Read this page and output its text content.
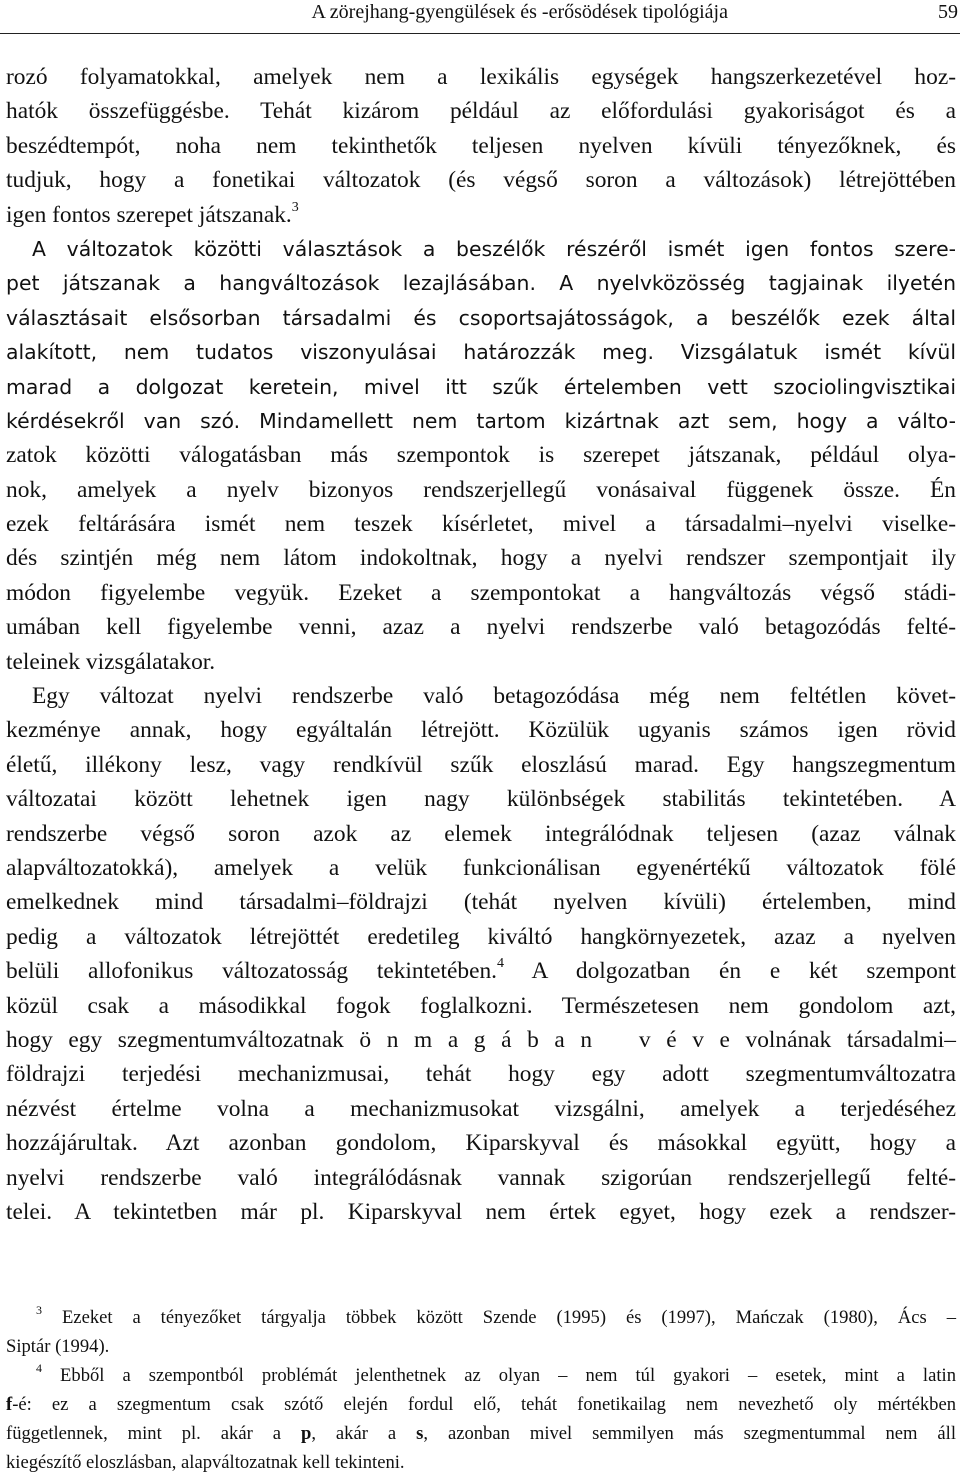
A zörejhang-gyengülések és -erősödések tipológiája	59
rozó folyamatokkal, amelyek nem a lexikális egységek hangszerkezetével hoz-
hatók összefüggésbe. Tehát kizárom például az előfordulási gyakoriságot és a
beszédtempót, noha nem tekinthetők teljesen nyelven kívüli tényezőknek, és
tudjuk, hogy a fonetikai változatok (és végső soron a változások) létrejöttében
igen fontos szerepet játszanak.$^3$
A változatok közötti választások a beszélők részéről ismét igen fontos szere-
pet játszanak a hangváltozások lezajlásában. A nyelvközösség tagjainak ilyetén
választásait elsősorban társadalmi és csoportsajátosságok, a beszélők ezek által
alakított, nem tudatos viszonyulásai határozzák meg. Vizsgálatuk ismét kívül
marad a dolgozat keretein, mivel itt szűk értelemben vett szociolingvisztikai
kérdésekről van szó. Mindamellett nem tartom kizártnak azt sem, hogy a válto-
zatok közötti válogatásban más szempontok is szerepet játszanak, például olya-
nok, amelyek a nyelv bizonyos rendszerjellegű vonásaival függenek össze. Én
ezek feltárására ismét nem teszek kísérletet, mivel a társadalmi–nyelvi viselke-
dés szintjén még nem látom indokoltnak, hogy a nyelvi rendszer szempontjait ily
módon figyelembe vegyük. Ezeket a szempontokat a hangváltozás végső stádi-
umában kell figyelembe venni, azaz a nyelvi rendszerbe való betagozódás felté-
teleinek vizsgálatakor.
Egy változat nyelvi rendszerbe való betagozódása még nem feltétlen követ-
kezménye annak, hogy egyáltalán létrejött. Közülük ugyanis számos igen rövid
életű, illékony lesz, vagy rendkívül szűk eloszlású marad. Egy hangszegmentum
változatai között lehetnek igen nagy különbségek stabilitás tekintetében. A
rendszerbe végső soron azok az elemek integrálódnak teljesen (azaz válnak
alapváltozatokká), amelyek a velük funkcionálisan egyenértékű változatok fölé
emelkednek mind társadalmi–földrajzi (tehát nyelven kívüli) értelemben, mind
pedig a változatok létrejöttét eredetileg kiváltó hangkörnyezetek, azaz a nyelven
belüli allofonikus változatosság tekintetében.$^4$ A dolgozatban én e két szempont
közül csak a másodikkal fogok foglalkozni. Természetesen nem gondolom azt,
hogy egy szegmentumváltozatnak ö n m a g á b a n   v é v e volnának társadalmi–
földrajzi terjedési mechanizmusai, tehát hogy egy adott szegmentumváltozatra
nézvést értelme volna a mechanizmusokat vizsgálni, amelyek a terjedéséhez
hozzájárultak. Azt azonban gondolom, Kiparskyval és másokkal együtt, hogy a
nyelvi rendszerbe való integrálódásnak vannak szigorúan rendszerjellegű felté-
telei. A tekintetben már pl. Kiparskyval nem értek egyet, hogy ezek a rendszer-
$^3$ Ezeket a tényezőket tárgyalja többek között Szende (1995) és (1997), Mańczak (1980), Ács –
Siptár (1994).
$^4$ Ebből a szempontból problémát jelenthetnek az olyan – nem túl gyakori – esetek, mint a latin
f-é: ez a szegmentum csak szótő elején fordul elő, tehát fonetikailag nem nevezhető oly mértékben
függetlennek, mint pl. akár a p, akár a s, azonban mivel semmilyen más szegmentummal nem áll
kiegészítő eloszlásban, alapváltozatnak kell tekinteni.
